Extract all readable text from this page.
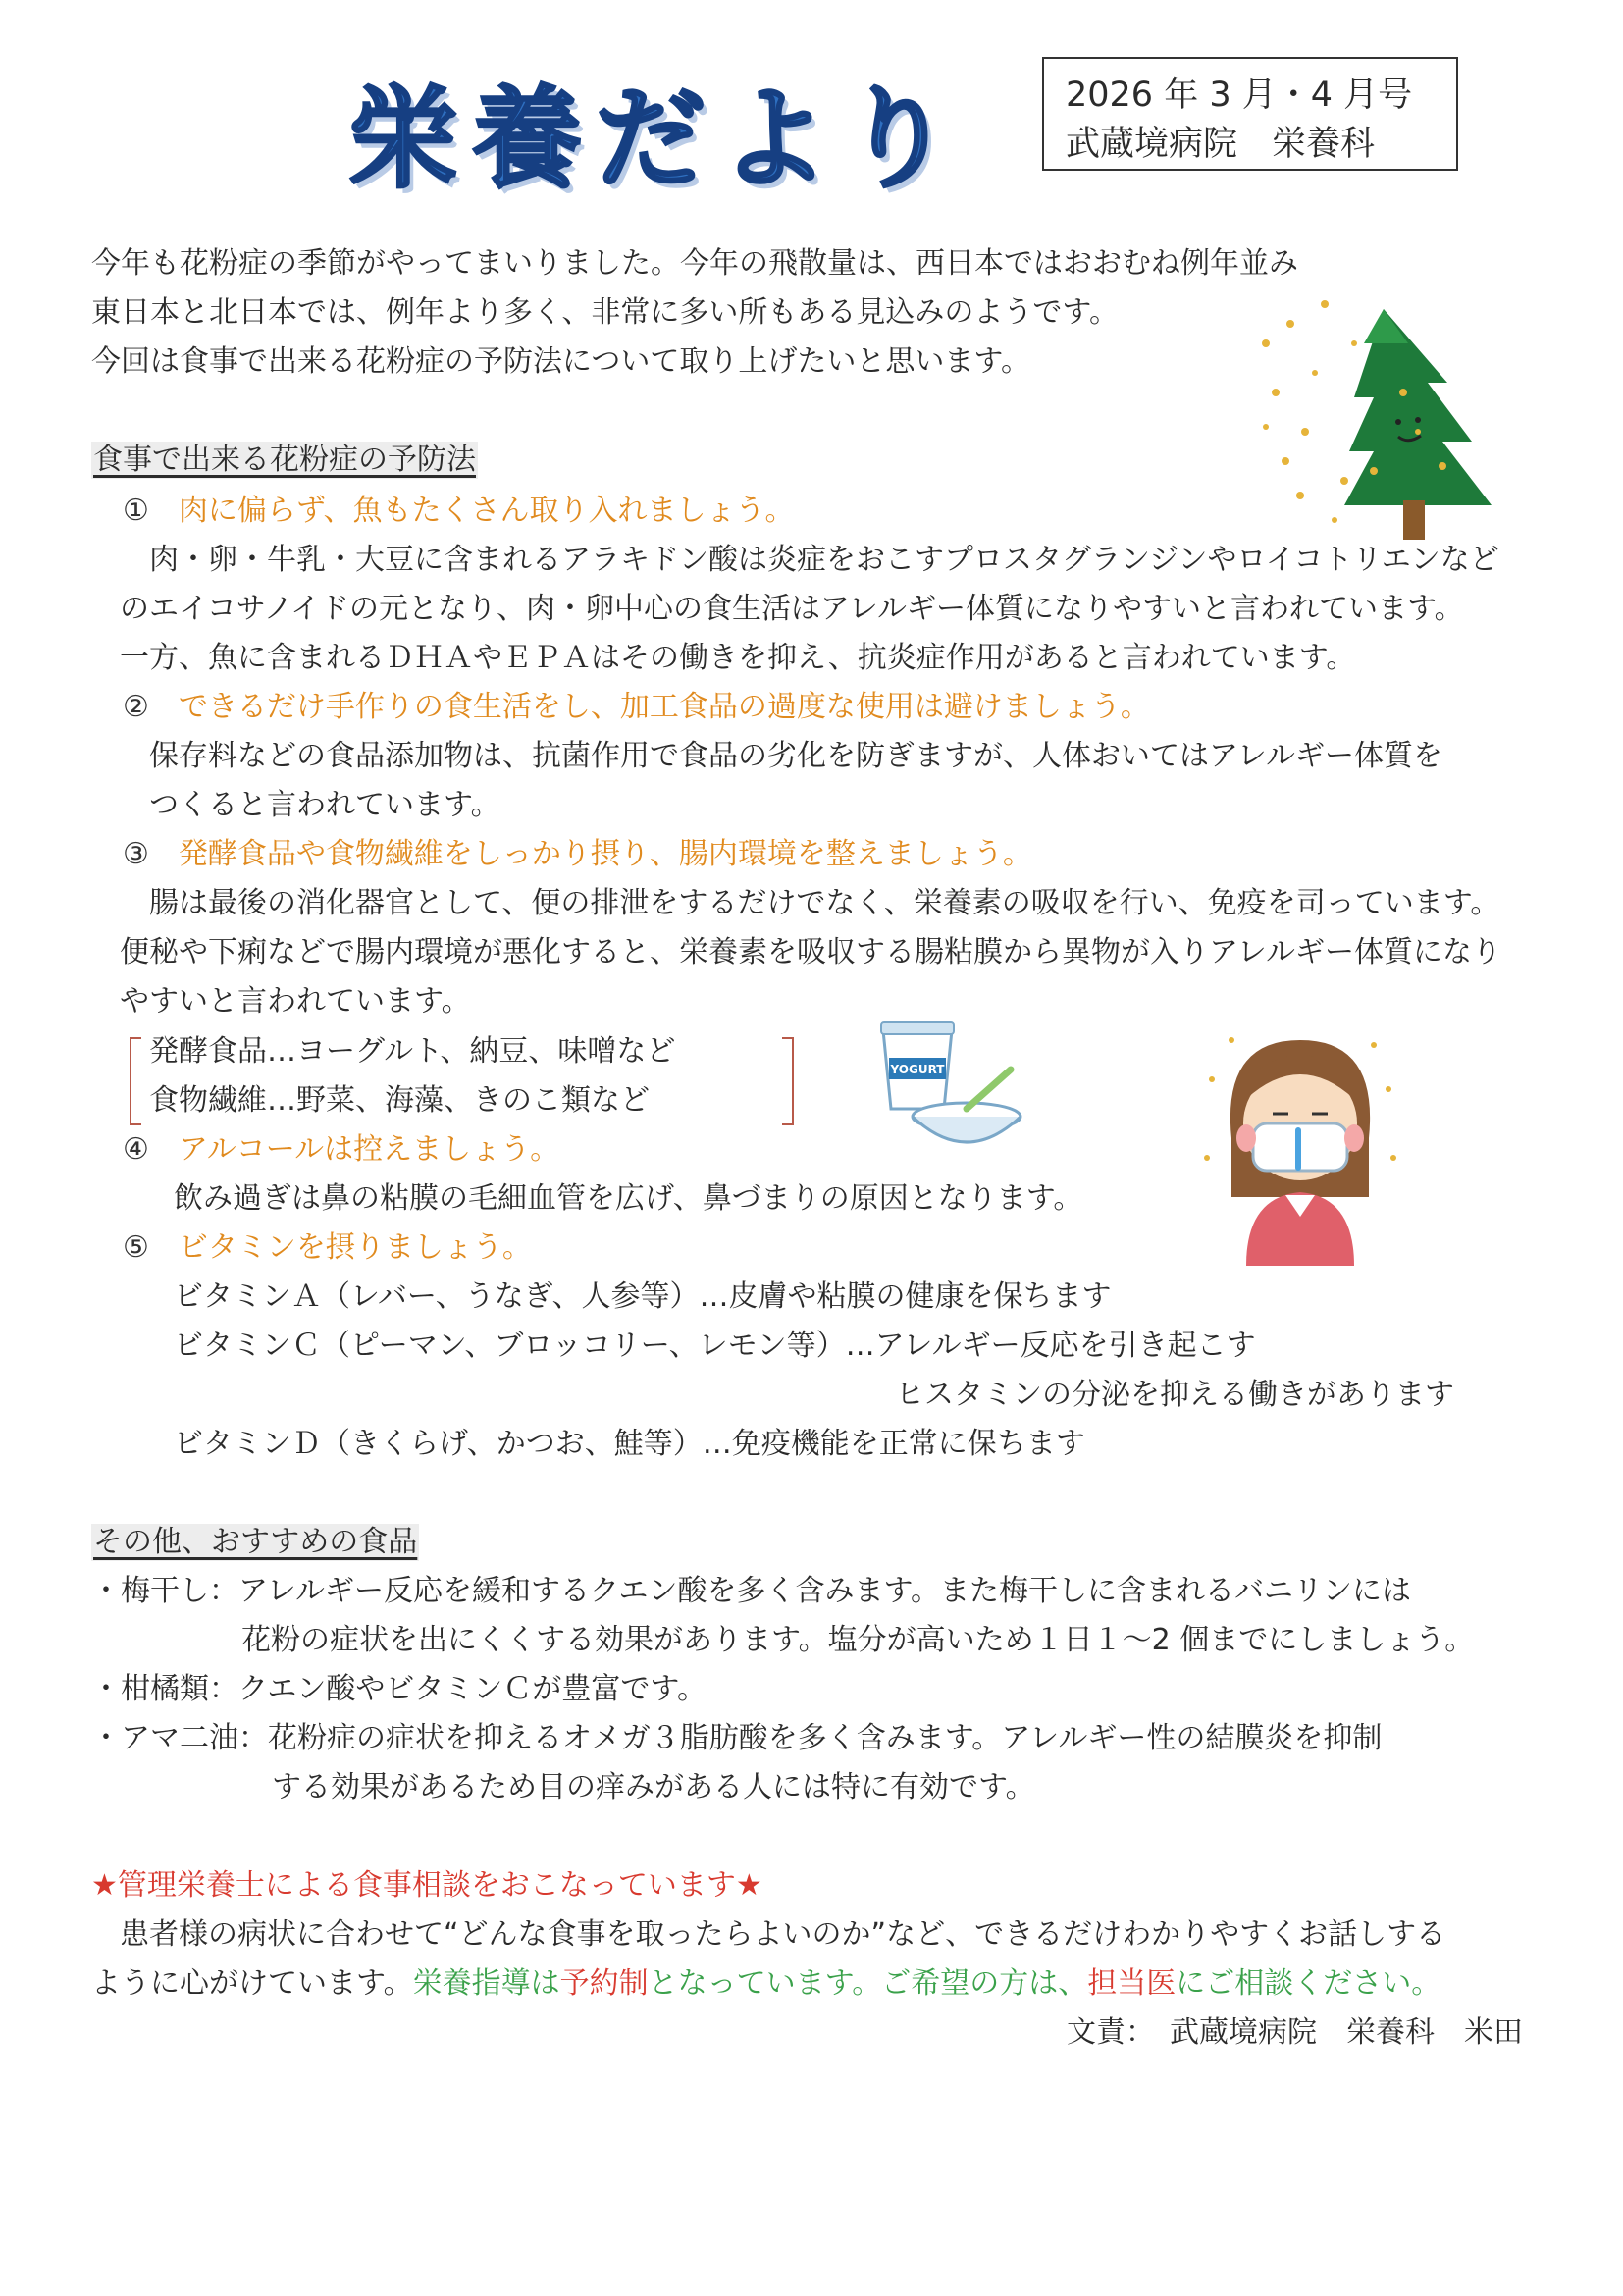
栄養だより	2026 年 3 月・4 月号
武蔵境病院　栄養科
今年も花粉症の季節がやってまいりました。今年の飛散量は、西日本ではおおむね例年並み
東日本と北日本では、例年より多く、非常に多い所もある見込みのようです。
今回は食事で出来る花粉症の予防法について取り上げたいと思います。
食事で出来る花粉症の予防法
①　 肉に偏らず、魚もたくさん取り入れましょう。
肉・卵・牛乳・大豆に含まれるアラキドン酸は炎症をおこすプロスタグランジンやロイコトリエンなど
のエイコサノイドの元となり、肉・卵中心の食生活はアレルギー体質になりやすいと言われています。
一方、魚に含まれるＤＨＡやＥＰＡはその働きを抑え、抗炎症作用があると言われています。
②　 できるだけ手作りの食生活をし、加工食品の過度な使用は避けましょう。
保存料などの食品添加物は、抗菌作用で食品の劣化を防ぎますが、人体おいてはアレルギー体質を
つくると言われています。
③　 発酵食品や食物繊維をしっかり摂り、腸内環境を整えましょう。
腸は最後の消化器官として、便の排泄をするだけでなく、栄養素の吸収を行い、免疫を司っています。
便秘や下痢などで腸内環境が悪化すると、栄養素を吸収する腸粘膜から異物が入りアレルギー体質になり
やすいと言われています。
発酵食品…ヨーグルト、納豆、味噌など
食物繊維…野菜、海藻、きのこ類など
YOGURT
④　 アルコールは控えましょう。
飲み過ぎは鼻の粘膜の毛細血管を広げ、鼻づまりの原因となります。
⑤　 ビタミンを摂りましょう。
ビタミンＡ（レバー、うなぎ、人参等）…皮膚や粘膜の健康を保ちます
ビタミンＣ（ピーマン、ブロッコリー、レモン等）…アレルギー反応を引き起こす
ヒスタミンの分泌を抑える働きがあります
ビタミンＤ（きくらげ、かつお、鮭等）…免疫機能を正常に保ちます
その他、おすすめの食品
・梅干し：アレルギー反応を緩和するクエン酸を多く含みます。また梅干しに含まれるバニリンには
花粉の症状を出にくくする効果があります。塩分が高いため１日１～2 個までにしましょう。
・柑橘類：クエン酸やビタミンＣが豊富です。
・アマ二油：花粉症の症状を抑えるオメガ３脂肪酸を多く含みます。アレルギー性の結膜炎を抑制
する効果があるため目の痒みがある人には特に有効です。
★管理栄養士による食事相談をおこなっています★
患者様の病状に合わせて“どんな食事を取ったらよいのか”など、できるだけわかりやすくお話しする
ように心がけています。栄養指導は予約制となっています。ご希望の方は、担当医にご相談ください。
文責：　武蔵境病院　栄養科　米田
